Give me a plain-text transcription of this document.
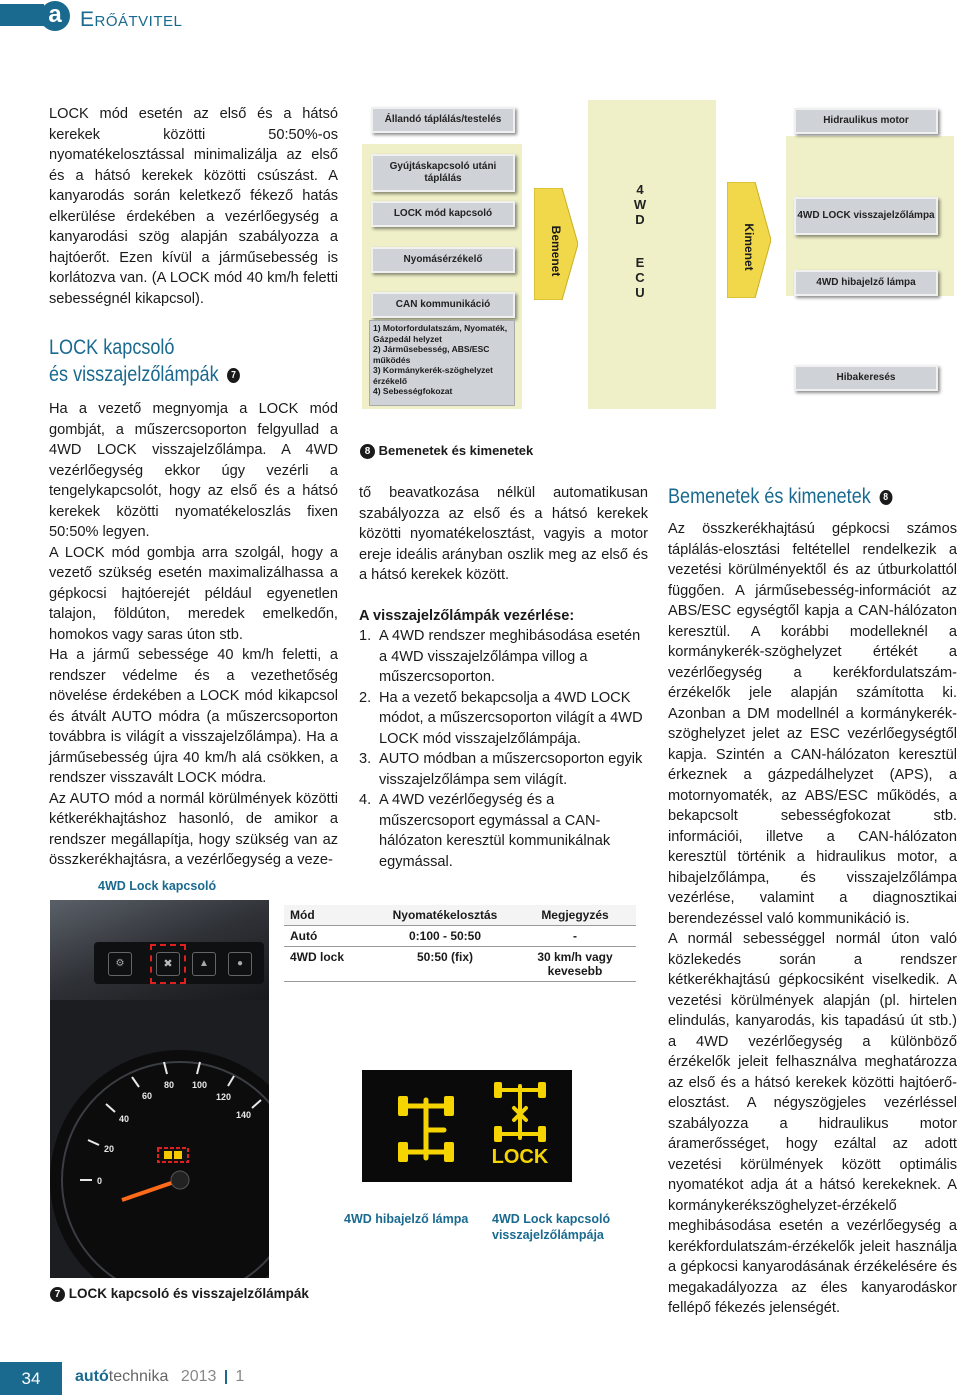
a Erőátvitel

LOCK mód esetén az első és a hátsó kerekek közötti 50:50%-os nyomatékelosztással minimalizálja az első és a hátsó kerekek közötti csúszást. A kanyarodás során keletkező fékező hatás elkerülése érdekében a vezérlőegység a kanyarodási szög alapján szabályozza a hajtóerőt. Ezen kívül a járműsebesség is korlátozva van. (A LOCK mód 40 km/h feletti sebességnél kikapcsol).

LOCK kapcsoló
és visszajelzőlámpák 7

Ha a vezető megnyomja a LOCK mód gombját, a műszercsoporton felgyullad a 4WD LOCK visszajelzőlámpa. A 4WD vezérlőegység ekkor úgy vezérli a tengelykapcsolót, hogy az első és a hátsó kerekek közötti nyomatékeloszlás fixen 50:50% legyen.

A LOCK mód gombja arra szolgál, hogy a vezető szükség esetén maximalizálhassa a gépkocsi hajtóerejét például egyenetlen talajon, földúton, meredek emelkedőn, homokos vagy saras úton stb.

Ha a jármű sebessége 40 km/h feletti, a rendszer védelme és a vezethetőség növelése érdekében a LOCK mód kikapcsol és átvált AUTO módra (a műszercsoporton továbbra is világít a visszajelzőlámpa). Ha a járműsebesség újra 40 km/h alá csökken, a rendszer visszavált LOCK módra.

Az AUTO mód a normál körülmények közötti kétkerékhajtáshoz hasonló, de amikor a rendszer megállapítja, hogy szükség van az összkerékhajtásra, a vezérlőegység a veze-

Állandó táplálás/testelés
Gyújtáskapcsoló utáni táplálás
LOCK mód kapcsoló
Nyomásérzékelő
CAN kommunikáció
1) Motorfordulatszám, Nyomaték, Gázpedál helyzet
2) Járműsebesség, ABS/ESC működés
3) Kormánykerék-szöghelyzet érzékelő
4) Sebességfokozat
Bemenet
4
W
D
E
C
U
Kimenet
Hidraulikus motor
4WD LOCK visszajelzőlámpa
4WD hibajelző lámpa
Hibakeresés
8 Bemenetek és kimenetek

tő beavatkozása nélkül automatikusan szabályozza az első és a hátsó kerekek közötti nyomatékelosztást, vagyis a motor ereje ideális arányban oszlik meg az első és a hátsó kerekek között.

A visszajelzőlámpák vezérlése:
1. A 4WD rendszer meghibásodása esetén a 4WD visszajelzőlámpa villog a műszercsoporton.
2. Ha a vezető bekapcsolja a 4WD LOCK módot, a műszercsoporton világít a 4WD LOCK mód visszajelzőlámpája.
3. AUTO módban a műszercsoporton egyik visszajelzőlámpa sem világít.
4. A 4WD vezérlőegység és a műszercsoport egymással a CAN-hálózaton keresztül kommunikálnak egymással.
Mód	Nyomatékelosztás	Megjegyzés
Autó	0:100 - 50:50	-
4WD lock	50:50 (fix)	30 km/h vagy kevesebb
4WD Lock kapcsoló
⚙	✖	▲	●
0
20
40
60
80 100
120
140
7 LOCK kapcsoló és visszajelzőlámpák
LOCK
4WD hibajelző lámpa	4WD Lock kapcsoló visszajelzőlámpája
Bemenetek és kimenetek 8

Az összkerékhajtású gépkocsi számos táplálás-elosztási feltétellel rendelkezik a vezetési körülményektől és az útburkolattól függően. A járműsebesség-információt az ABS/ESC egységtől kapja a CAN-hálózaton keresztül. A korábbi modelleknél a kormánykerék-szöghelyzet értékét a vezérlőegység a kerékfordulatszám-érzékelők jele alapján számította ki. Azonban a DM modellnél a kormánykerék-szöghelyzet jelet az ESC vezérlőegységtől kapja. Szintén a CAN-hálózaton keresztül érkeznek a gázpedálhelyzet (APS), a motornyomaték, az ABS/ESC működés, a bekapcsolt sebességfokozat stb. információi, illetve a CAN-hálózaton keresztül történik a hidraulikus motor, a hibajelzőlámpa, és visszajelzőlámpa vezérlése, valamint a diagnosztikai berendezéssel való kommunikáció is.

A normál sebességgel normál úton való közlekedés során a rendszer kétkerékhajtású gépkocsiként viselkedik. A vezetési körülmények alapján (pl. hirtelen elindulás, kanyarodás, kis tapadású út stb.) a 4WD vezérlőegység a különböző érzékelők jeleit felhasználva meghatározza az első és a hátsó kerekek közötti hajtóerő-elosztást. A négyszögjeles vezérléssel szabályozza a hidraulikus motor áramerősséget, hogy ezáltal az adott vezetési körülmények között optimális nyomatékot adja át a hátsó kerekeknek. A kormánykerékszöghelyzet-érzékelő meghibásodása esetén a vezérlőegység a kerékfordulatszám-érzékelők jeleit használja a gépkocsi kanyarodásának érzékelésére és megakadályozza az éles kanyarodáskor fellépő fékezés jelenségét.

34	autótechnika 2013 1
